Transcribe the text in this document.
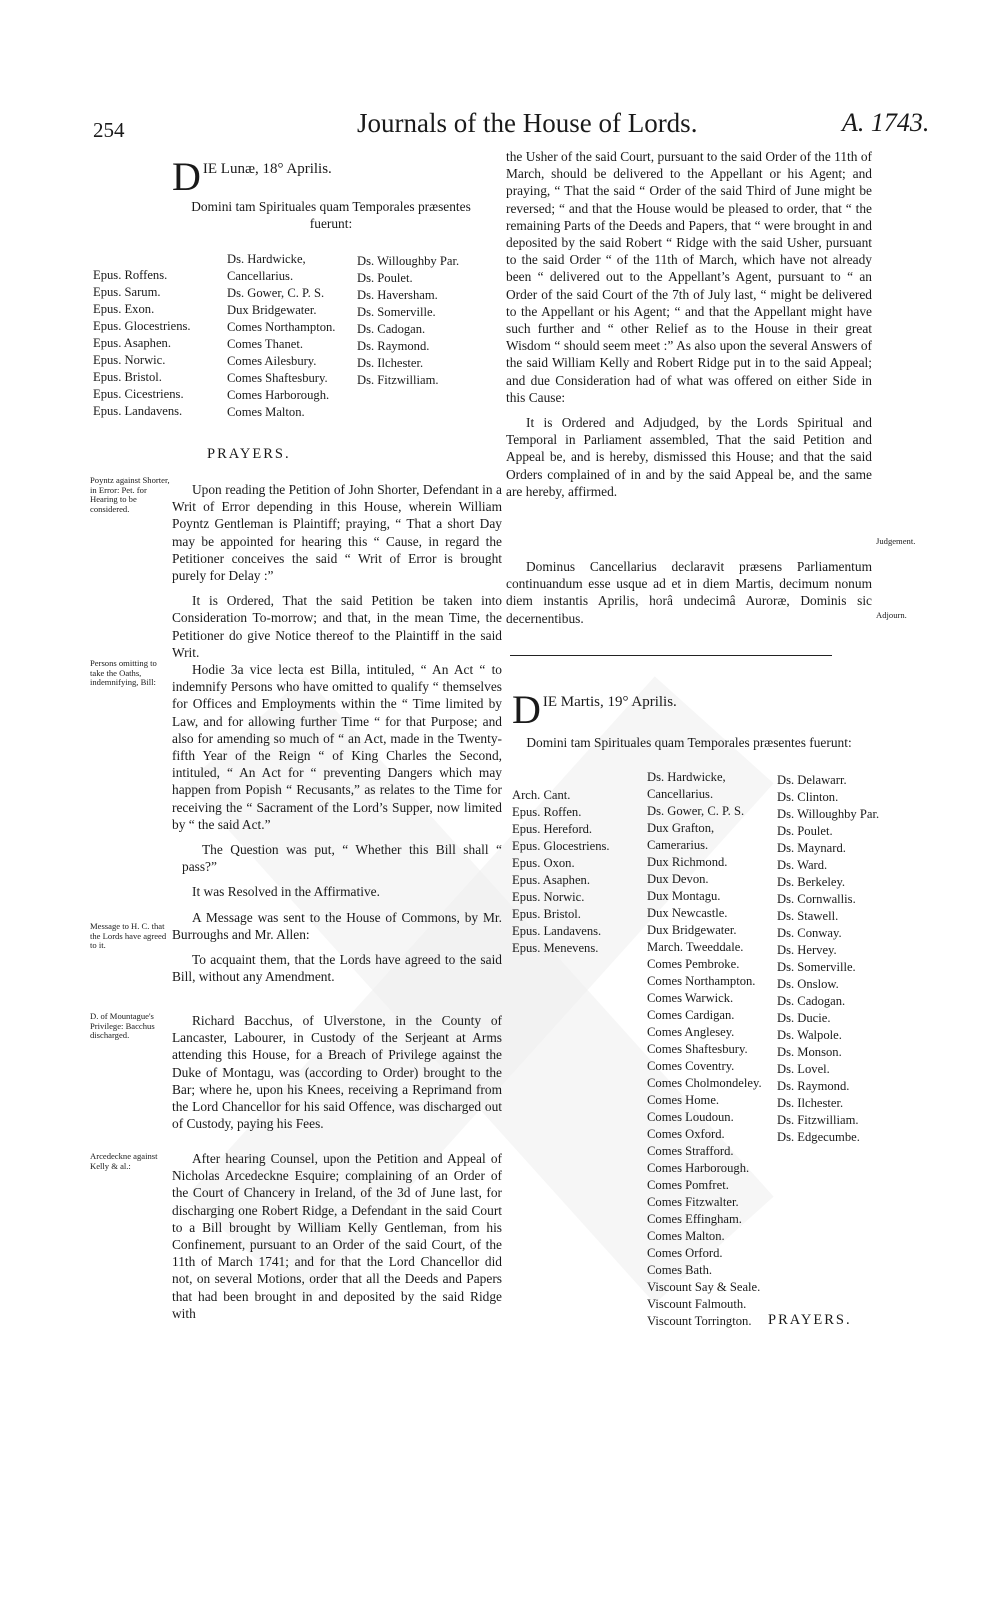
254	Journals of the House of Lords.	A. 1743.
D IE Lunæ, 18° Aprilis.
Domini tam Spirituales quam Temporales præsentes fuerunt:
Epus. Roffens.
Epus. Sarum.
Epus. Exon.
Epus. Glocestriens.
Epus. Asaphen.
Epus. Norwic.
Epus. Bristol.
Epus. Cicestriens.
Epus. Landavens.
Ds. Hardwicke, Cancellarius.
Ds. Gower, C. P. S.
Dux Bridgewater.
Comes Northampton.
Comes Thanet.
Comes Ailesbury.
Comes Shaftesbury.
Comes Harborough.
Comes Malton.
Ds. Willoughby Par.
Ds. Poulet.
Ds. Haversham.
Ds. Somerville.
Ds. Cadogan.
Ds. Raymond.
Ds. Ilchester.
Ds. Fitzwilliam.
PRAYERS.
Poyntz against Shorter, in Error: Pet. for Hearing to be considered.
Persons omitting to take the Oaths, indemnifying, Bill:
Message to H. C. that the Lords have agreed to it.
D. of Mountague's Privilege: Bacchus discharged.
Arcedeckne against Kelly & al.:
Judgement.
Adjourn.

Upon reading the Petition of John Shorter, Defendant in a Writ of Error depending in this House, wherein William Poyntz Gentleman is Plaintiff; praying, “ That a short Day may be appointed for hearing this “ Cause, in regard the Petitioner conceives the said “ Writ of Error is brought purely for Delay :”

It is Ordered, That the said Petition be taken into Consideration To-morrow; and that, in the mean Time, the Petitioner do give Notice thereof to the Plaintiff in the said Writ.

Hodie 3a vice lecta est Billa, intituled, “ An Act “ to indemnify Persons who have omitted to qualify “ themselves for Offices and Employments within the “ Time limited by Law, and for allowing further Time “ for that Purpose; and also for amending so much of “ an Act, made in the Twenty-fifth Year of the Reign “ of King Charles the Second, intituled, “ An Act for “ preventing Dangers which may happen from Popish “ Recusants,” as relates to the Time for receiving the “ Sacrament of the Lord’s Supper, now limited by “ the said Act.”

The Question was put, “ Whether this Bill shall “ pass?”

It was Resolved in the Affirmative.

A Message was sent to the House of Commons, by Mr. Burroughs and Mr. Allen:

To acquaint them, that the Lords have agreed to the said Bill, without any Amendment.

Richard Bacchus, of Ulverstone, in the County of Lancaster, Labourer, in Custody of the Serjeant at Arms attending this House, for a Breach of Privilege against the Duke of Montagu, was (according to Order) brought to the Bar; where he, upon his Knees, receiving a Reprimand from the Lord Chancellor for his said Offence, was discharged out of Custody, paying his Fees.

After hearing Counsel, upon the Petition and Appeal of Nicholas Arcedeckne Esquire; complaining of an Order of the Court of Chancery in Ireland, of the 3d of June last, for discharging one Robert Ridge, a Defendant in the said Court to a Bill brought by William Kelly Gentleman, from his Confinement, pursuant to an Order of the said Court, of the 11th of March 1741; and for that the Lord Chancellor did not, on several Motions, order that all the Deeds and Papers that had been brought in and deposited by the said Ridge with

the Usher of the said Court, pursuant to the said Order of the 11th of March, should be delivered to the Appellant or his Agent; and praying, “ That the said “ Order of the said Third of June might be reversed; “ and that the House would be pleased to order, that “ the remaining Parts of the Deeds and Papers, that “ were brought in and deposited by the said Robert “ Ridge with the said Usher, pursuant to the said Order “ of the 11th of March, which have not already been “ delivered out to the Appellant’s Agent, pursuant to “ an Order of the said Court of the 7th of July last, “ might be delivered to the Appellant or his Agent; “ and that the Appellant might have such further and “ other Relief as to the House in their great Wisdom “ should seem meet :” As also upon the several Answers of the said William Kelly and Robert Ridge put in to the said Appeal; and due Consideration had of what was offered on either Side in this Cause:

It is Ordered and Adjudged, by the Lords Spiritual and Temporal in Parliament assembled, That the said Petition and Appeal be, and is hereby, dismissed this House; and that the said Orders complained of in and by the said Appeal be, and the same are hereby, affirmed.

Dominus Cancellarius declaravit præsens Parliamentum continuandum esse usque ad et in diem Martis, decimum nonum diem instantis Aprilis, horâ undecimâ Auroræ, Dominis sic decernentibus.

D IE Martis, 19° Aprilis.
Domini tam Spirituales quam Temporales præsentes fuerunt:
Arch. Cant.
Epus. Roffen.
Epus. Hereford.
Epus. Glocestriens.
Epus. Oxon.
Epus. Asaphen.
Epus. Norwic.
Epus. Bristol.
Epus. Landavens.
Epus. Menevens.
Ds. Hardwicke, Cancellarius.
Ds. Gower, C. P. S.
Dux Grafton, Camerarius.
Dux Richmond.
Dux Devon.
Dux Montagu.
Dux Newcastle.
Dux Bridgewater.
March. Tweeddale.
Comes Pembroke.
Comes Northampton.
Comes Warwick.
Comes Cardigan.
Comes Anglesey.
Comes Shaftesbury.
Comes Coventry.
Comes Cholmondeley.
Comes Home.
Comes Loudoun.
Comes Oxford.
Comes Strafford.
Comes Harborough.
Comes Pomfret.
Comes Fitzwalter.
Comes Effingham.
Comes Malton.
Comes Orford.
Comes Bath.
Viscount Say & Seale.
Viscount Falmouth.
Viscount Torrington.
Ds. Delawarr.
Ds. Clinton.
Ds. Willoughby Par.
Ds. Poulet.
Ds. Maynard.
Ds. Ward.
Ds. Berkeley.
Ds. Cornwallis.
Ds. Stawell.
Ds. Conway.
Ds. Hervey.
Ds. Somerville.
Ds. Onslow.
Ds. Cadogan.
Ds. Ducie.
Ds. Walpole.
Ds. Monson.
Ds. Lovel.
Ds. Raymond.
Ds. Ilchester.
Ds. Fitzwilliam.
Ds. Edgecumbe.
PRAYERS.
